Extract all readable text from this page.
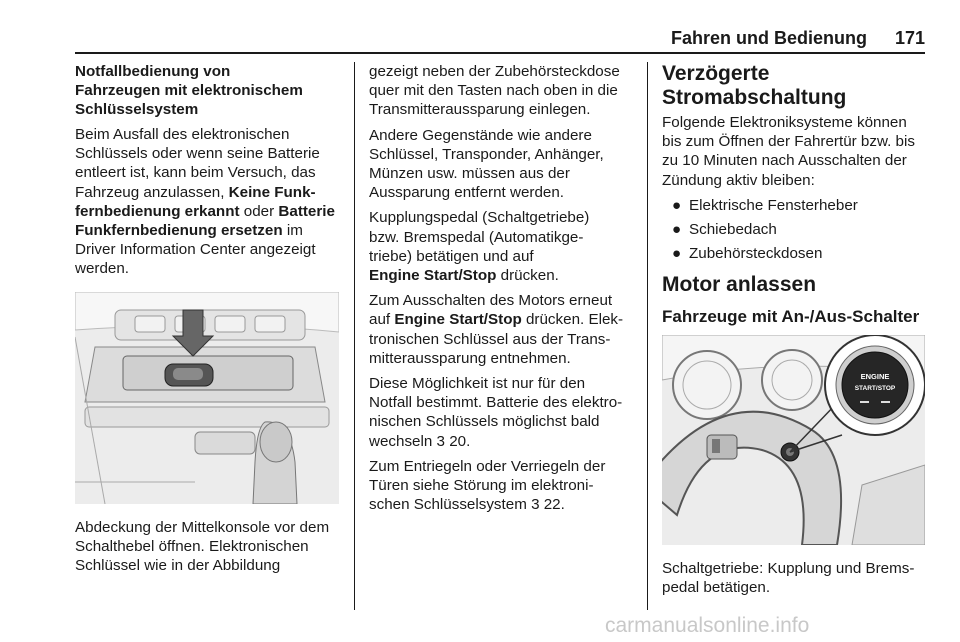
Fahren und Bedienung 171
Notfallbedienung von
Fahrzeugen mit elektronischem
Schlüsselsystem

Beim Ausfall des elektronischen
Schlüssels oder wenn seine Batterie
entleert ist, kann beim Versuch, das
Fahrzeug anzulassen, Keine Funk-
fernbedienung erkannt oder Batterie
Funkfernbedienung ersetzen im
Driver Information Center angezeigt
werden.

Abdeckung der Mittelkonsole vor dem
Schalthebel öffnen. Elektronischen
Schlüssel wie in der Abbildung

gezeigt neben der Zubehörsteckdose
quer mit den Tasten nach oben in die
Transmitteraussparung einlegen.

Andere Gegenstände wie andere
Schlüssel, Transponder, Anhänger,
Münzen usw. müssen aus der
Aussparung entfernt werden.

Kupplungspedal (Schaltgetriebe)
bzw. Bremspedal (Automatikge-
triebe) betätigen und auf
Engine Start/Stop drücken.

Zum Ausschalten des Motors erneut
auf Engine Start/Stop drücken. Elek-
tronischen Schlüssel aus der Trans-
mitteraussparung entnehmen.

Diese Möglichkeit ist nur für den
Notfall bestimmt. Batterie des elektro-
nischen Schlüssels möglichst bald
wechseln 3 20.

Zum Entriegeln oder Verriegeln der
Türen siehe Störung im elektroni-
schen Schlüsselsystem 3 22.

Verzögerte
Stromabschaltung

Folgende Elektroniksysteme können
bis zum Öffnen der Fahrertür bzw. bis
zu 10 Minuten nach Ausschalten der
Zündung aktiv bleiben:

● Elektrische Fensterheber
● Schiebedach
● Zubehörsteckdosen
Motor anlassen
Fahrzeuge mit An-/Aus-Schalter
ENGINE
START/STOP

Schaltgetriebe: Kupplung und Brems-
pedal betätigen.

carmanualsonline.info
